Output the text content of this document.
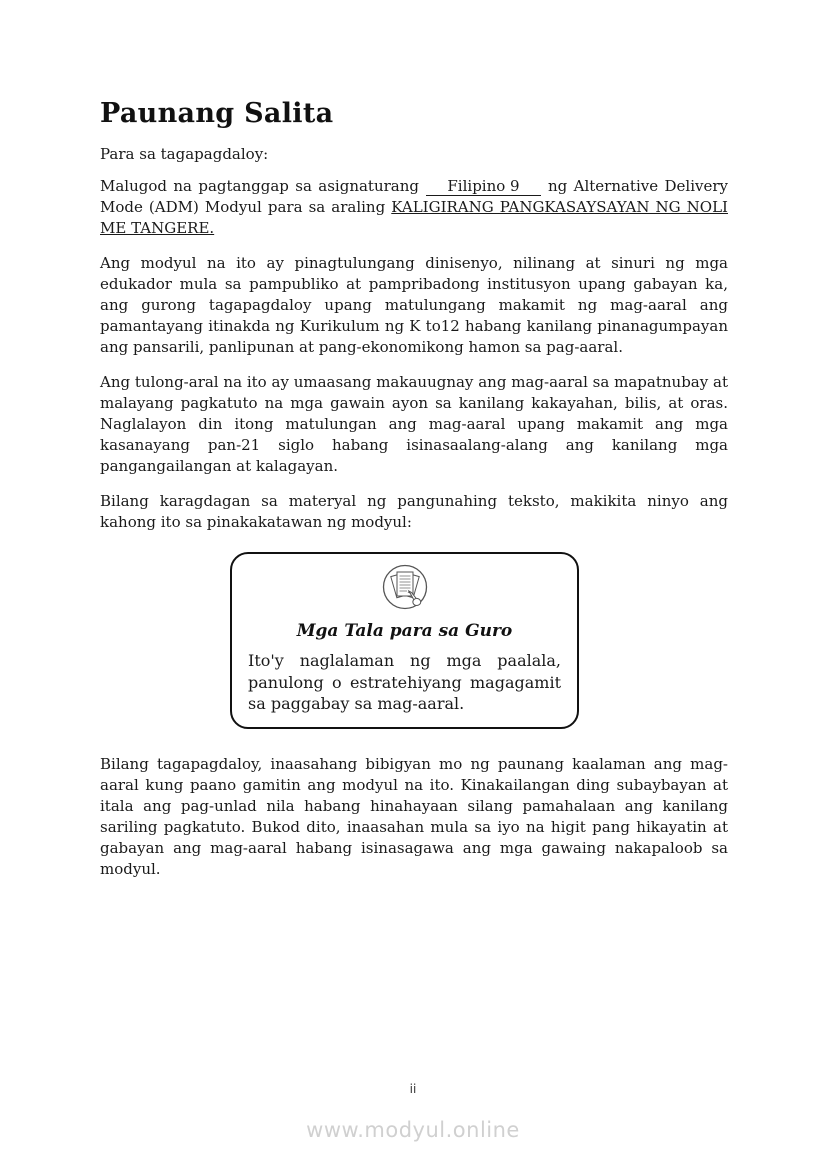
Paunang Salita

Para sa tagapagdaloy:

Malugod na pagtanggap sa asignaturang Filipino 9 ng Alternative Delivery Mode (ADM) Modyul para sa araling KALIGIRANG PANGKASAYSAYAN NG NOLI ME TANGERE.

Ang modyul na ito ay pinagtulungang dinisenyo, nilinang at sinuri ng mga edukador mula sa pampubliko at pampribadong institusyon upang gabayan ka, ang gurong tagapagdaloy upang matulungang makamit ng mag-aaral ang pamantayang itinakda ng Kurikulum ng K to12 habang kanilang pinanagumpayan ang pansarili, panlipunan at pang-ekonomikong hamon sa pag-aaral.

Ang tulong-aral na ito ay umaasang makauugnay ang mag-aaral sa mapatnubay at malayang pagkatuto na mga gawain ayon sa kanilang kakayahan, bilis, at oras. Naglalayon din itong matulungan ang mag-aaral upang makamit ang mga kasanayang pan-21 siglo habang isinasaalang-alang ang kanilang mga pangangailangan at kalagayan.

Bilang karagdagan sa materyal ng pangunahing teksto, makikita ninyo ang kahong ito sa pinakakatawan ng modyul:

Mga Tala para sa Guro

Ito'y naglalaman ng mga paalala, panulong o estratehiyang magagamit sa paggabay sa mag-aaral.

Bilang tagapagdaloy, inaasahang bibigyan mo ng paunang kaalaman ang mag-aaral kung paano gamitin ang modyul na ito. Kinakailangan ding subaybayan at itala ang pag-unlad nila habang hinahayaan silang pamahalaan ang kanilang sariling pagkatuto. Bukod dito, inaasahan mula sa iyo na higit pang hikayatin at gabayan ang mag-aaral habang isinasagawa ang mga gawaing nakapaloob sa modyul.

ii
www.modyul.online
